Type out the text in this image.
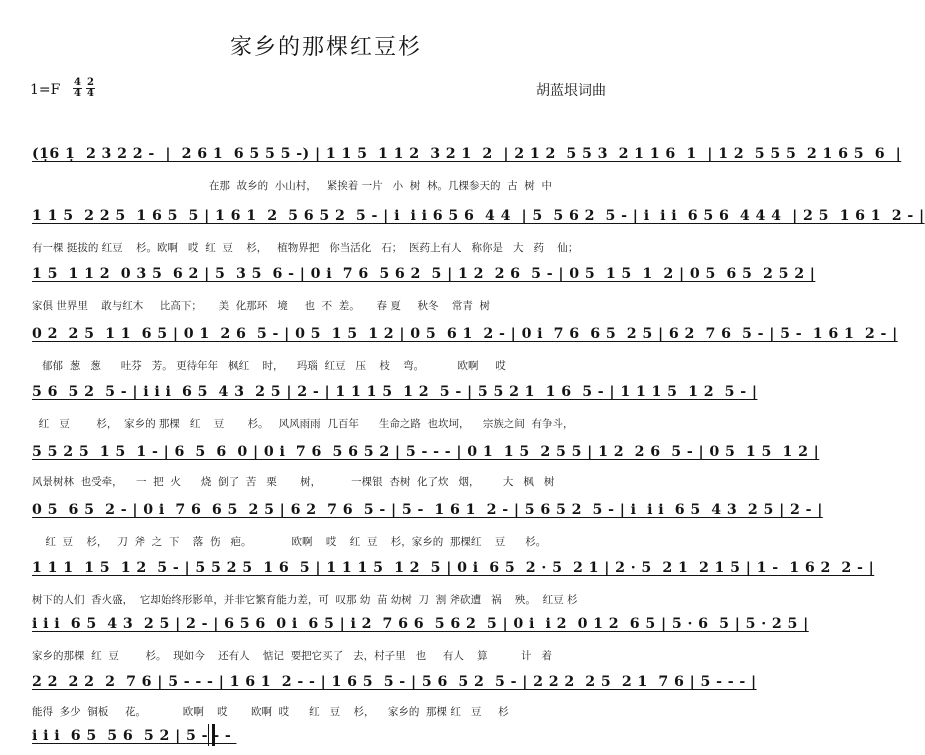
家乡的那棵红豆杉
1=F 4
4
2
4	胡蓝垠词曲
(1̣6 1̣  2 3 2 2 -  |  2 6 1  6 5 5 5 -) | 1 1 5  1 1 2  3 2 1  2  | 2 1 2  5 5 3  2 1 1 6  1  | 1 2  5 5 5  2 1 6 5  6  |
在那  故乡的  小山村，   紧挨着 一片   小  树  林。几棵参天的  古  树  中
1 1 5  2 2 5  1 6 5  5 | 1 6 1  2  5 6 5 2  5 - | i  i i 6 5 6  4 4  | 5  5 6 2  5 - | i  i i  6 5 6  4 4 4  | 2 5  1 6 1  2 - |
有一棵 挺拔的 红豆    杉。欧啊   哎  红  豆    杉，   植物界把   你当活化   石；  医药上有人   称你是   大   药    仙；
1 5  1 1 2  0 3 5  6 2 | 5  3 5  6 - | 0 i  7 6  5 6 2  5 | 1 2  2 6  5 - | 0 5  1 5  1  2 | 0 5  6 5  2 5 2 |
家俱 世界里    敢与红木     比高下；     美  化那环   境     也  不  差。     春 夏     秋冬    常青  树
0 2  2 5  1 1  6 5 | 0 1  2 6  5 - | 0 5  1 5  1 2 | 0 5  6 1  2 - | 0 i  7 6  6 5  2 5 | 6 2  7 6  5 - | 5 -  1 6 1  2 - |
郁郁  葱   葱      吐芬   芳。 更待年年   枫红    时，    玛瑙  红豆   压    枝    弯。          欧啊     哎
5 6  5 2  5 - | i i i  6 5  4 3  2 5 | 2 - | 1 1 1 5  1 2  5 - | 5 5 2 1  1 6  5 - | 1 1 1 5  1 2  5 - |
红   豆        杉，  家乡的 那棵   红    豆       杉。   风风雨雨  几百年      生命之路  也坎坷，    宗族之间  有争斗，
5 5 2 5  1 5  1 - | 6  5  6  0 | 0 i  7 6  5 6 5 2 | 5 - - - | 0 1  1 5  2 5 5 | 1 2  2 6  5 - | 0 5  1 5  1 2 |
风景树林  也受牵，    一  把  火      烧  倒了  苦   栗       树，         一棵银  杏树  化了炊   烟，       大   枫   树
0 5  6 5  2 - | 0 i  7 6  6 5  2 5 | 6 2  7 6  5 - | 5 -  1 6 1  2 - | 5 6 5 2  5 - | i  i i  6 5  4 3  2 5 | 2 - |
红  豆    杉，   刀  斧  之  下    落  伤   疤。            欧啊    哎    红  豆    杉，家乡的  那棵红    豆      杉。
1 1 1  1 5  1 2  5 - | 5 5 2 5  1 6  5 | 1 1 1 5  1 2  5 | 0 i  6 5  2 · 5  2 1 | 2 · 5  2 1  2 1 5 | 1 -  1 6 2  2 - |
树下的人们  香火盛，  它却始终形影单，并非它繁育能力差，可  叹那 幼  苗 幼树  刀  割 斧砍遭   祸    殃。  红豆 杉
i i i  6 5  4 3  2 5 | 2 - | 6 5 6  0 i  6 5 | i 2  7 6 6  5 6 2  5 | 0 i  i 2  0 1 2  6 5 | 5 · 6  5 | 5 · 2 5 |
家乡的那棵  红  豆        杉。  现如今    还有人    惦记  要把它买了   去，村子里   也     有人    算          计   着
2 2  2 2  2  7 6 | 5 - - - | 1 6 1  2 - - | 1 6 5  5 - | 5 6  5 2  5 - | 2 2 2  2 5  2 1  7 6 | 5 - - - |
能得  多少  铜板     花。           欧啊    哎       欧啊  哎      红   豆    杉，    家乡的  那棵 红   豆     杉
i i i  6 5  5 6  5 2 | 5 - - -
